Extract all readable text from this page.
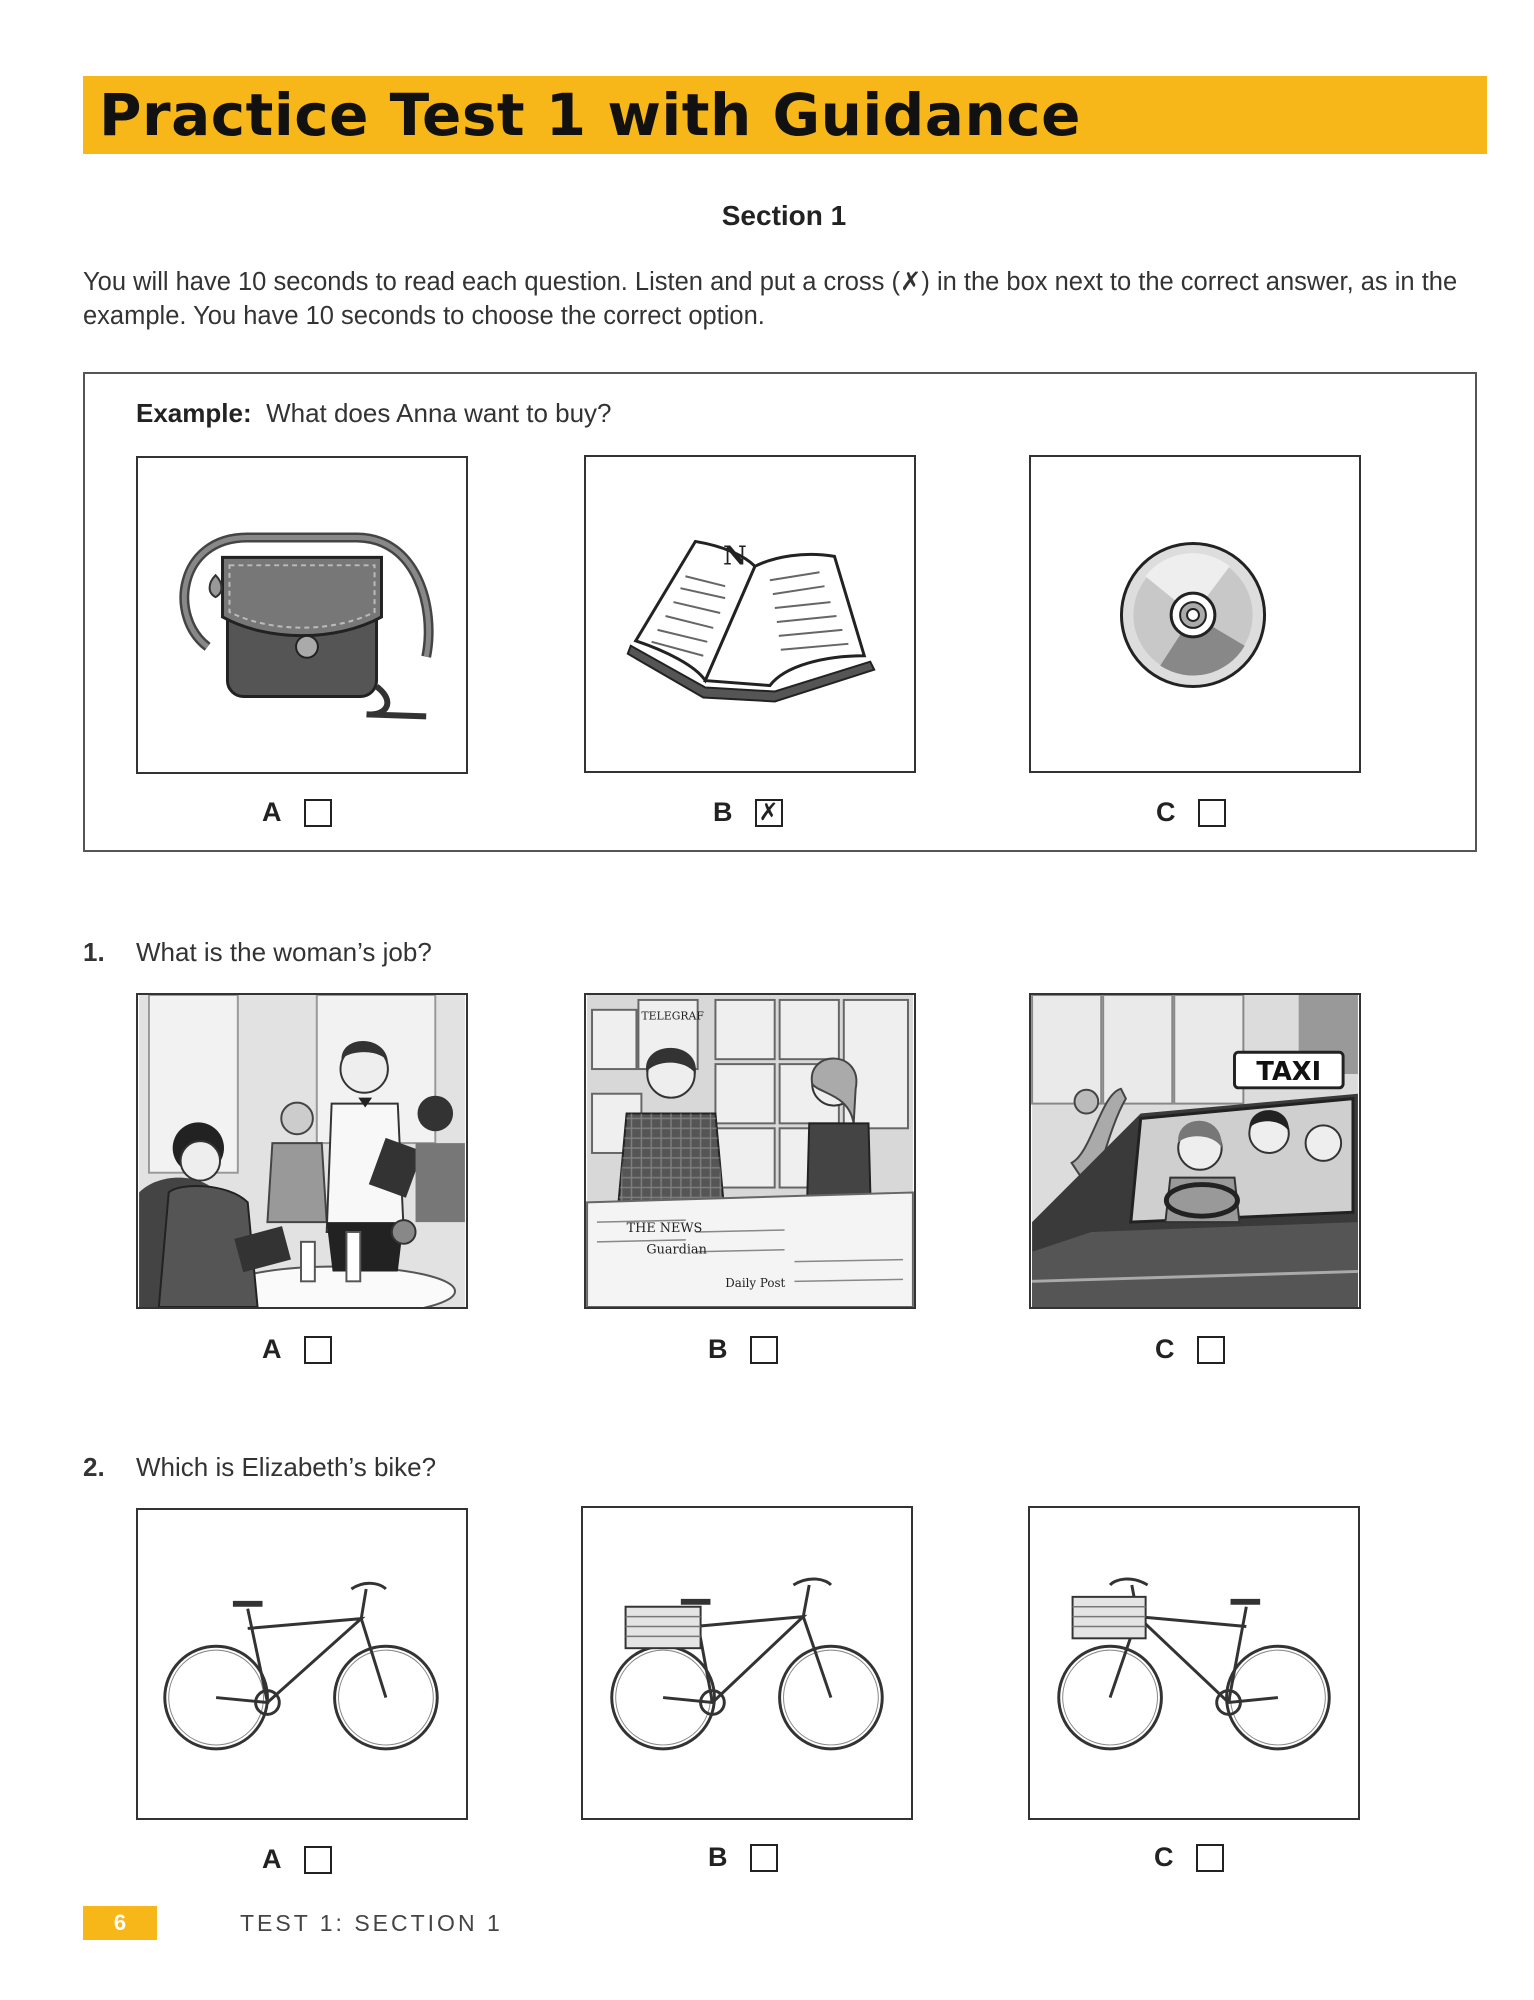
Practice Test 1 with Guidance
Section 1

You will have 10 seconds to read each question. Listen and put a cross (✗) in the box next to the correct answer, as in the example. You have 10 seconds to choose the correct option.

Example: What does Anna want to buy?
N
A	B ✗	C
1. What is the woman’s job?
TELEGRAF
THE NEWS
Guardian
Daily Post
TAXI
A	B	C
2. Which is Elizabeth’s bike?
A	B	C
6	TEST 1: SECTION 1
